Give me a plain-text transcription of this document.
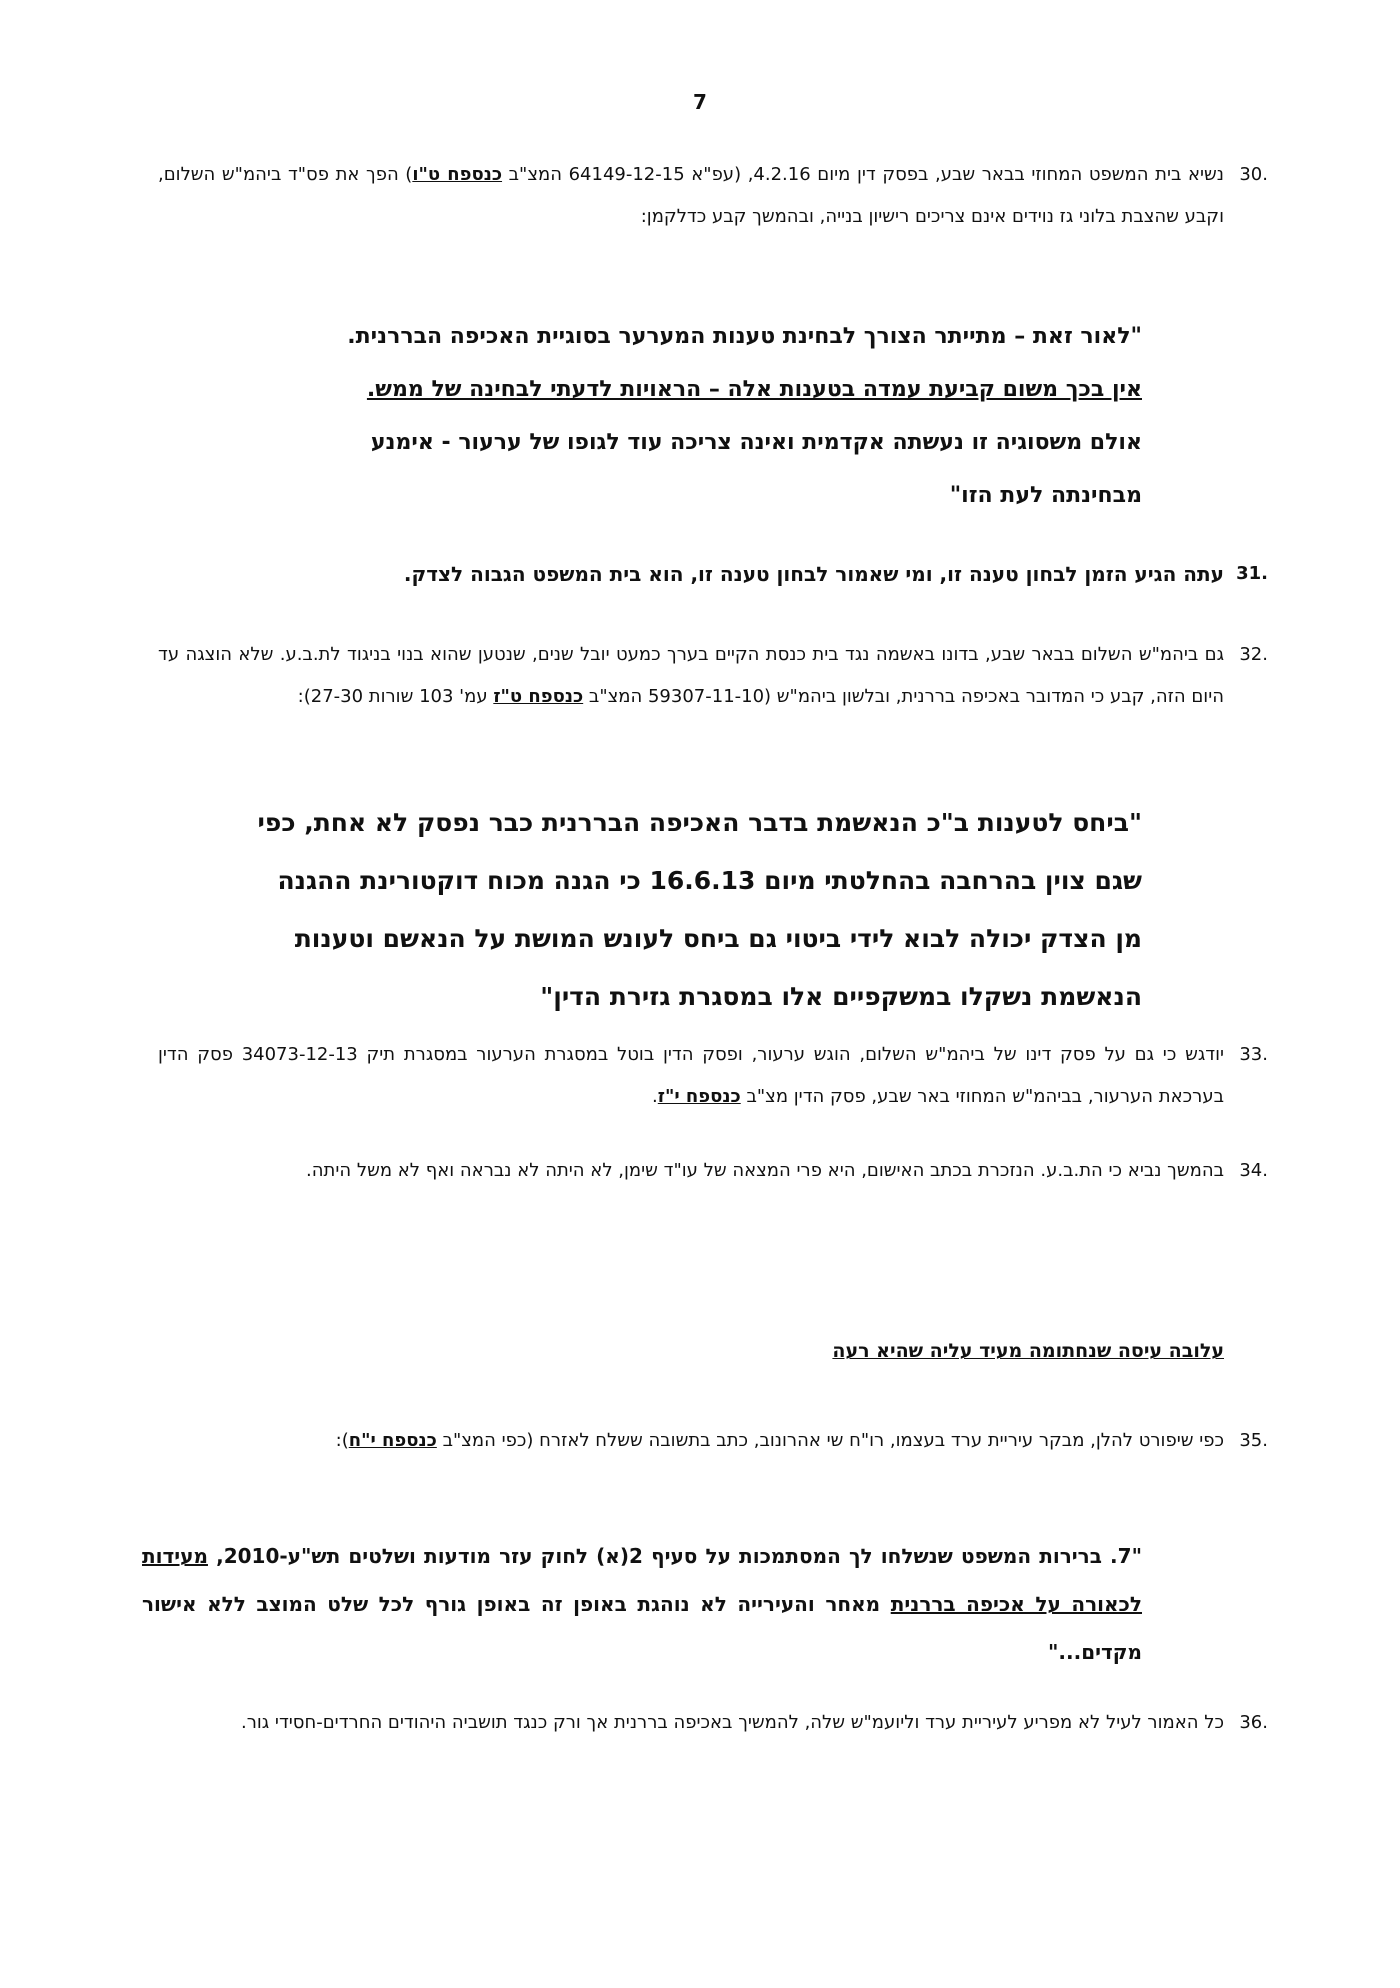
7
30.
נשיא בית המשפט המחוזי בבאר שבע, בפסק דין מיום 4.2.16, (עפ"א 64149-12-15 המצ"ב כנספח ט"ו) הפך את פס"ד ביהמ"ש השלום, וקבע שהצבת בלוני גז נוידים אינם צריכים רישיון בנייה, ובהמשך קבע כדלקמן:
"לאור זאת – מתייתר הצורך לבחינת טענות המערער בסוגיית האכיפה הבררנית.
אין בכך משום קביעת עמדה בטענות אלה – הראויות לדעתי לבחינה של ממש.
אולם משסוגיה זו נעשתה אקדמית ואינה צריכה עוד לגופו של ערעור - אימנע
מבחינתה לעת הזו"
31.
עתה הגיע הזמן לבחון טענה זו, ומי שאמור לבחון טענה זו, הוא בית המשפט הגבוה לצדק.
32.
גם ביהמ"ש השלום בבאר שבע, בדונו באשמה נגד בית כנסת הקיים בערך כמעט יובל שנים, שנטען שהוא בנוי בניגוד לת.ב.ע. שלא הוצגה עד היום הזה, קבע כי המדובר באכיפה בררנית, ובלשון ביהמ"ש (59307-11-10 המצ"ב כנספח ט"ז עמ' 103 שורות 27-30):
"ביחס לטענות ב"כ הנאשמת בדבר האכיפה הבררנית כבר נפסק לא אחת, כפי
שגם צוין בהרחבה בהחלטתי מיום 16.6.13 כי הגנה מכוח דוקטורינת ההגנה
מן הצדק יכולה לבוא לידי ביטוי גם ביחס לעונש המושת על הנאשם וטענות
הנאשמת נשקלו במשקפיים אלו במסגרת גזירת הדין"
33.
יודגש כי גם על פסק דינו של ביהמ"ש השלום, הוגש ערעור, ופסק הדין בוטל במסגרת הערעור במסגרת תיק 34073-12-13 פסק הדין בערכאת הערעור, בביהמ"ש המחוזי באר שבע, פסק הדין מצ"ב כנספח י"ז.
34.
בהמשך נביא כי הת.ב.ע. הנזכרת בכתב האישום, היא פרי המצאה של עו"ד שימן, לא היתה לא נבראה ואף לא משל היתה.
עלובה עיסה שנחתומה מעיד עליה שהיא רעה
35.
כפי שיפורט להלן, מבקר עיריית ערד בעצמו, רו"ח שי אהרונוב, כתב בתשובה ששלח לאזרח (כפי המצ"ב כנספח י"ח):
"7. ברירות המשפט שנשלחו לך המסתמכות על סעיף 2(א) לחוק עזר מודעות ושלטים תש"ע-2010, מעידות לכאורה על אכיפה בררנית מאחר והעירייה לא נוהגת באופן זה באופן גורף לכל שלט המוצב ללא אישור מקדים..."
36.
כל האמור לעיל לא מפריע לעיריית ערד וליועמ"ש שלה, להמשיך באכיפה בררנית אך ורק כנגד תושביה היהודים החרדים-חסידי גור.
